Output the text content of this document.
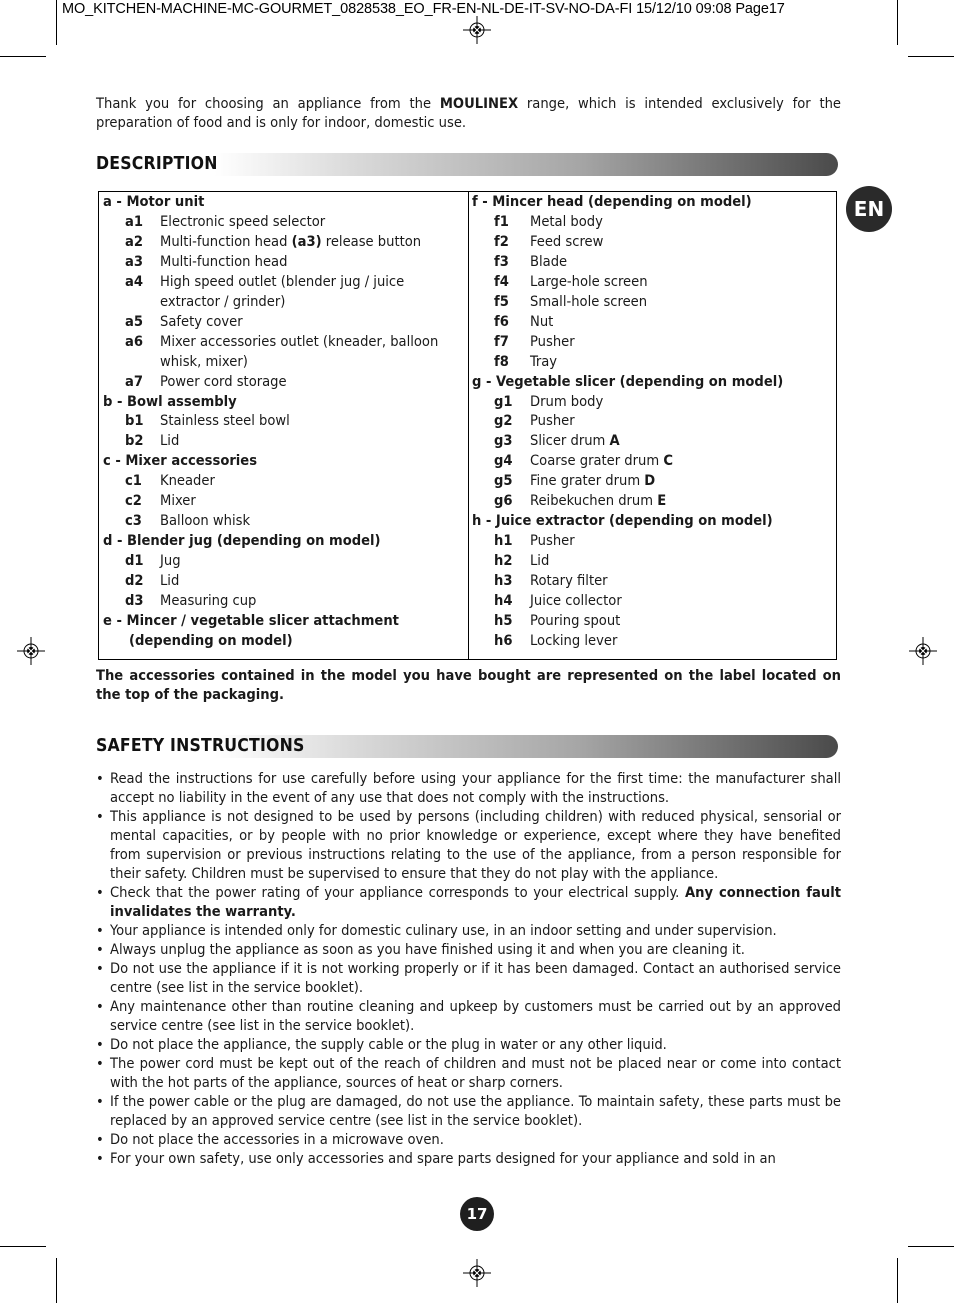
MO_KITCHEN-MACHINE-MC-GOURMET_0828538_EO_FR-EN-NL-DE-IT-SV-NO-DA-FI 15/12/10 09:08 Page17
Thank you for choosing an appliance from the MOULINEX range, which is intended exclusively for the preparation of food and is only for indoor, domestic use.
DESCRIPTION
EN
a - Motor unit
a1 Electronic speed selector
a2 Multi-function head (a3) release button
a3 Multi-function head
a4 High speed outlet (blender jug / juice
extractor / grinder)
a5 Safety cover
a6 Mixer accessories outlet (kneader, balloon
whisk, mixer)
a7 Power cord storage
b - Bowl assembly
b1 Stainless steel bowl
b2 Lid
c - Mixer accessories
c1 Kneader
c2 Mixer
c3 Balloon whisk
d - Blender jug (depending on model)
d1 Jug
d2 Lid
d3 Measuring cup
e - Mincer / vegetable slicer attachment
(depending on model)
f - Mincer head (depending on model)
f1 Metal body
f2 Feed screw
f3 Blade
f4 Large-hole screen
f5 Small-hole screen
f6 Nut
f7 Pusher
f8 Tray
g - Vegetable slicer (depending on model)
g1 Drum body
g2 Pusher
g3 Slicer drum A
g4 Coarse grater drum C
g5 Fine grater drum D
g6 Reibekuchen drum E
h - Juice extractor (depending on model)
h1 Pusher
h2 Lid
h3 Rotary filter
h4 Juice collector
h5 Pouring spout
h6 Locking lever
The accessories contained in the model you have bought are represented on the label located on the top of the packaging.
SAFETY INSTRUCTIONS
• Read the instructions for use carefully before using your appliance for the first time: the manufacturer shall accept no liability in the event of any use that does not comply with the instructions.
• This appliance is not designed to be used by persons (including children) with reduced physical, sensorial or mental capacities, or by people with no prior knowledge or experience, except where they have benefited from supervision or previous instructions relating to the use of the appliance, from a person responsible for their safety. Children must be supervised to ensure that they do not play with the appliance.
• Check that the power rating of your appliance corresponds to your electrical supply. Any connection fault invalidates the warranty.
• Your appliance is intended only for domestic culinary use, in an indoor setting and under supervision.
• Always unplug the appliance as soon as you have finished using it and when you are cleaning it.
• Do not use the appliance if it is not working properly or if it has been damaged. Contact an authorised service centre (see list in the service booklet).
• Any maintenance other than routine cleaning and upkeep by customers must be carried out by an approved service centre (see list in the service booklet).
• Do not place the appliance, the supply cable or the plug in water or any other liquid.
• The power cord must be kept out of the reach of children and must not be placed near or come into contact with the hot parts of the appliance, sources of heat or sharp corners.
• If the power cable or the plug are damaged, do not use the appliance. To maintain safety, these parts must be replaced by an approved service centre (see list in the service booklet).
• Do not place the accessories in a microwave oven.
• For your own safety, use only accessories and spare parts designed for your appliance and sold in an
17
